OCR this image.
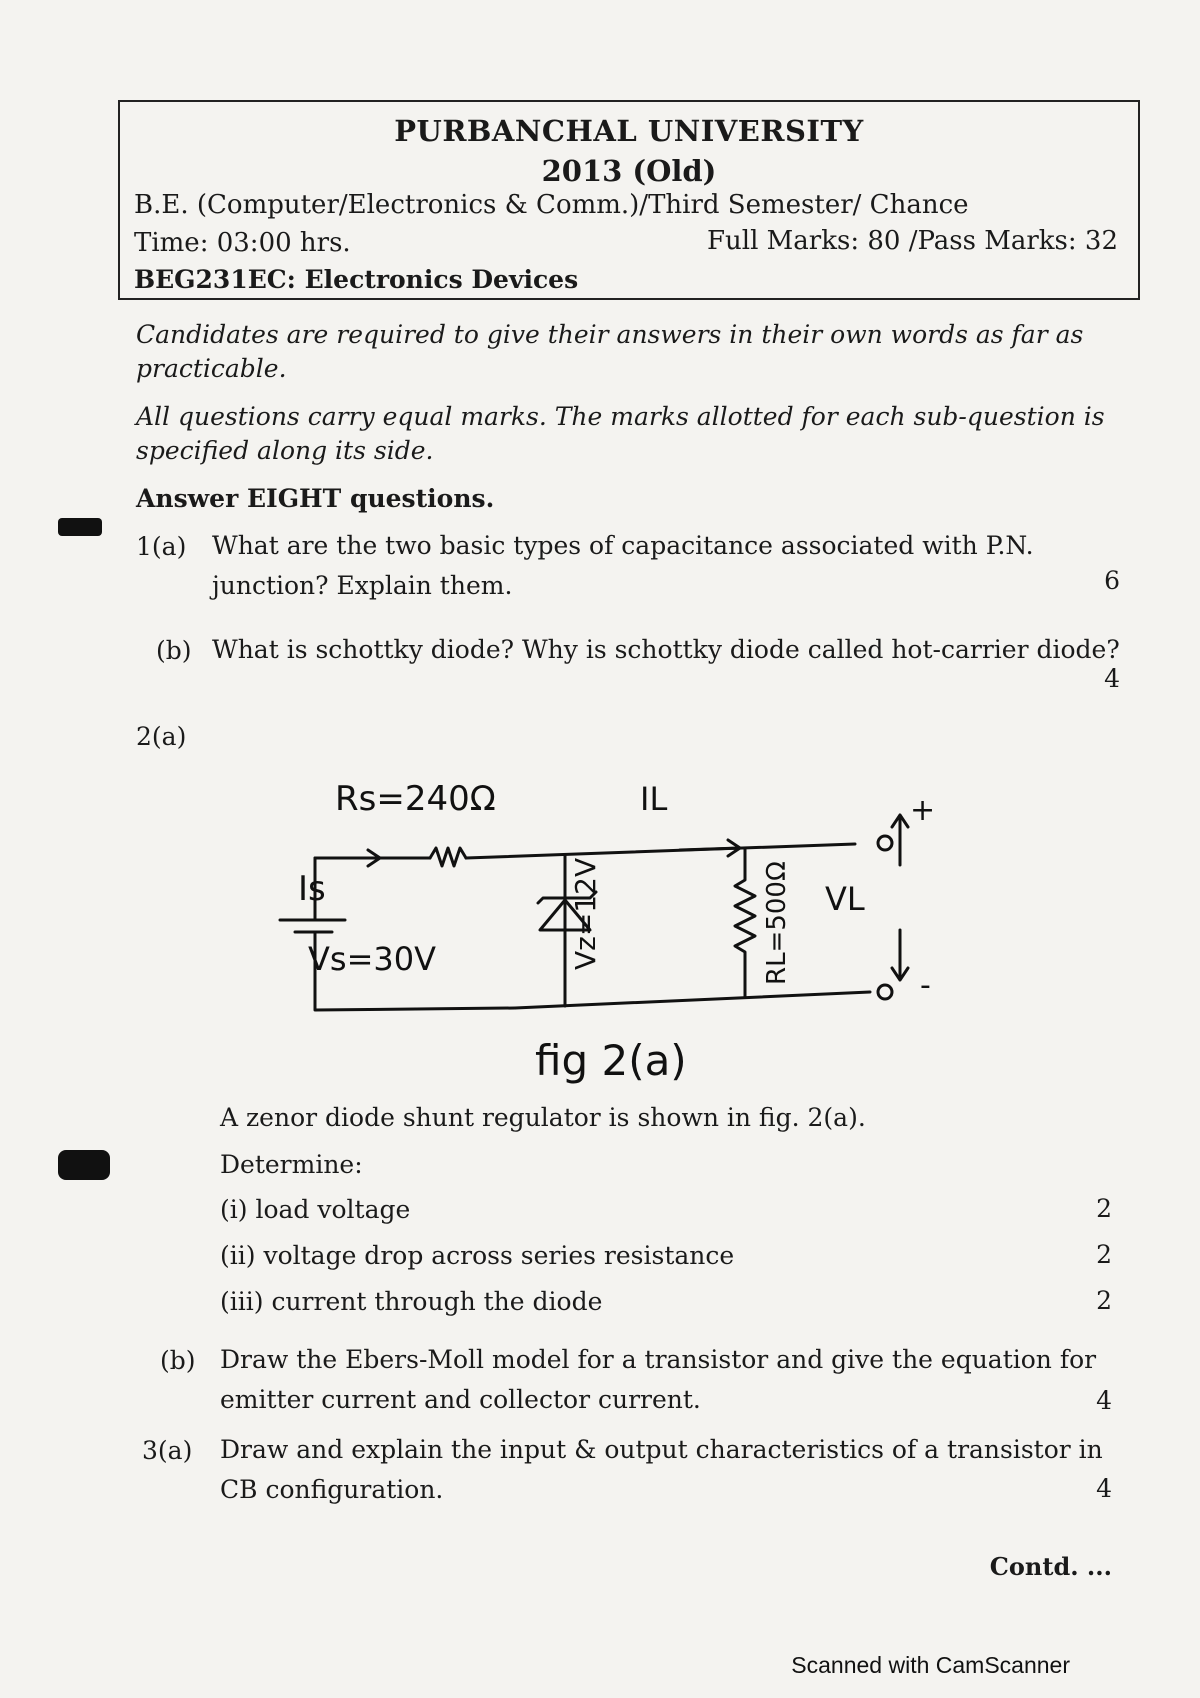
PURBANCHAL UNIVERSITY
2013 (Old)
B.E. (Computer/Electronics & Comm.)/Third Semester/ Chance
Time: 03:00 hrs.	Full Marks: 80 /Pass Marks: 32
BEG231EC: Electronics Devices
Candidates are required to give their answers in their own words as far as practicable.
All questions carry equal marks. The marks allotted for each sub-question is specified along its side.
Answer EIGHT questions.
1(a) What are the two basic types of capacitance associated with P.N. junction? Explain them.	6
(b) What is schottky diode? Why is schottky diode called hot-carrier diode?
4
2(a)
Rs=240Ω	IL
Is
Vs=30V	Vz=12V	RL=500Ω VL
+
-
fig 2(a)
A zenor diode shunt regulator is shown in fig. 2(a).
Determine:
(i) load voltage	2
(ii) voltage drop across series resistance	2
(iii) current through the diode	2
(b) Draw the Ebers-Moll model for a transistor and give the equation for emitter current and collector current.	4
3(a) Draw and explain the input & output characteristics of a transistor in CB configuration.	4
Contd. ...
Scanned with CamScanner
